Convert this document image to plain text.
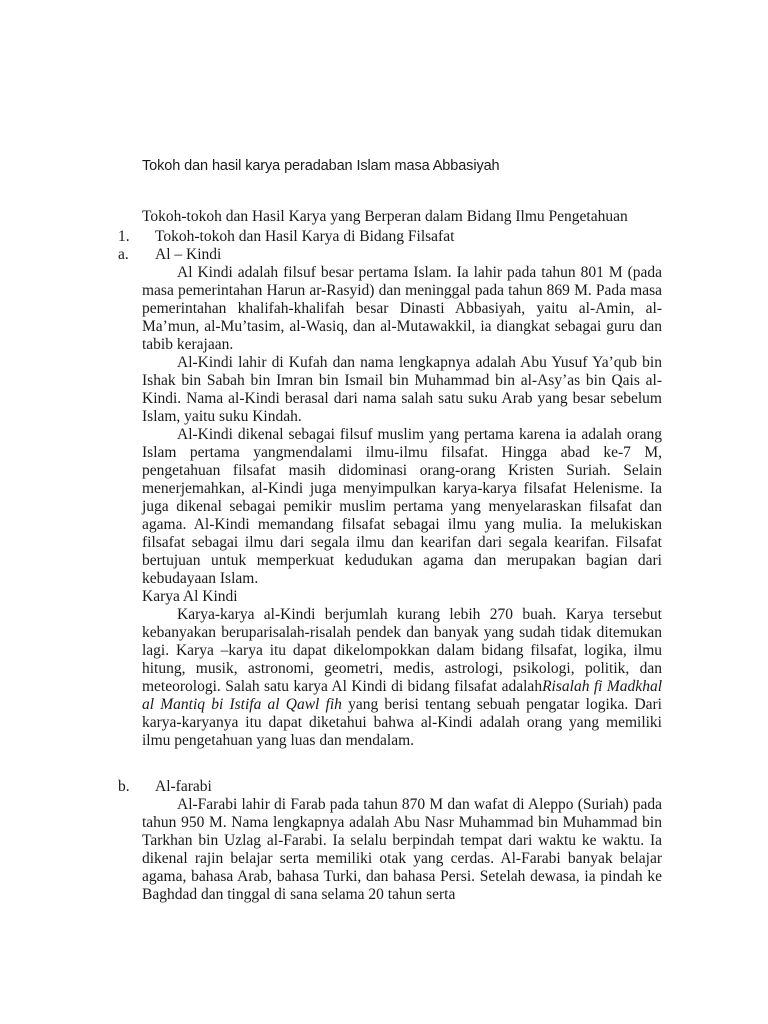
Tokoh dan hasil karya peradaban Islam masa Abbasiyah
Tokoh-tokoh dan Hasil Karya yang Berperan dalam Bidang Ilmu Pengetahuan
1. Tokoh-tokoh dan Hasil Karya di Bidang Filsafat
a. Al – Kindi

Al Kindi adalah filsuf besar pertama Islam. Ia lahir pada tahun 801 M (pada masa pemerintahan Harun ar-Rasyid) dan meninggal pada tahun 869 M. Pada masa pemerintahan khalifah-khalifah besar Dinasti Abbasiyah, yaitu al-Amin, al-Ma’mun, al-Mu’tasim, al-Wasiq, dan al-Mutawakkil, ia diangkat sebagai guru dan tabib kerajaan.

Al-Kindi lahir di Kufah dan nama lengkapnya adalah Abu Yusuf Ya’qub bin Ishak bin Sabah bin Imran bin Ismail bin Muhammad bin al-Asy’as bin Qais al-Kindi. Nama al-Kindi berasal dari nama salah satu suku Arab yang besar sebelum Islam, yaitu suku Kindah.

Al-Kindi dikenal sebagai filsuf muslim yang pertama karena ia adalah orang Islam pertama yangmendalami ilmu-ilmu filsafat. Hingga abad ke-7 M, pengetahuan filsafat masih didominasi orang-orang Kristen Suriah. Selain menerjemahkan, al-Kindi juga menyimpulkan karya-karya filsafat Helenisme. Ia juga dikenal sebagai pemikir muslim pertama yang menyelaraskan filsafat dan agama. Al-Kindi memandang filsafat sebagai ilmu yang mulia. Ia melukiskan filsafat sebagai ilmu dari segala ilmu dan kearifan dari segala kearifan. Filsafat bertujuan untuk memperkuat kedudukan agama dan merupakan bagian dari kebudayaan Islam.

Karya Al Kindi

Karya-karya al-Kindi berjumlah kurang lebih 270 buah. Karya tersebut kebanyakan beruparisalah-risalah pendek dan banyak yang sudah tidak ditemukan lagi. Karya –karya itu dapat dikelompokkan dalam bidang filsafat, logika, ilmu hitung, musik, astronomi, geometri, medis, astrologi, psikologi, politik, dan meteorologi. Salah satu karya Al Kindi di bidang filsafat adalahRisalah fi Madkhal al Mantiq bi Istifa al Qawl fih yang berisi tentang sebuah pengatar logika. Dari karya-karyanya itu dapat diketahui bahwa al-Kindi adalah orang yang memiliki ilmu pengetahuan yang luas dan mendalam.

b. Al-farabi

Al-Farabi lahir di Farab pada tahun 870 M dan wafat di Aleppo (Suriah) pada tahun 950 M. Nama lengkapnya adalah Abu Nasr Muhammad bin Muhammad bin Tarkhan bin Uzlag al-Farabi. Ia selalu berpindah tempat dari waktu ke waktu. Ia dikenal rajin belajar serta memiliki otak yang cerdas. Al-Farabi banyak belajar agama, bahasa Arab, bahasa Turki, dan bahasa Persi. Setelah dewasa, ia pindah ke Baghdad dan tinggal di sana selama 20 tahun serta
